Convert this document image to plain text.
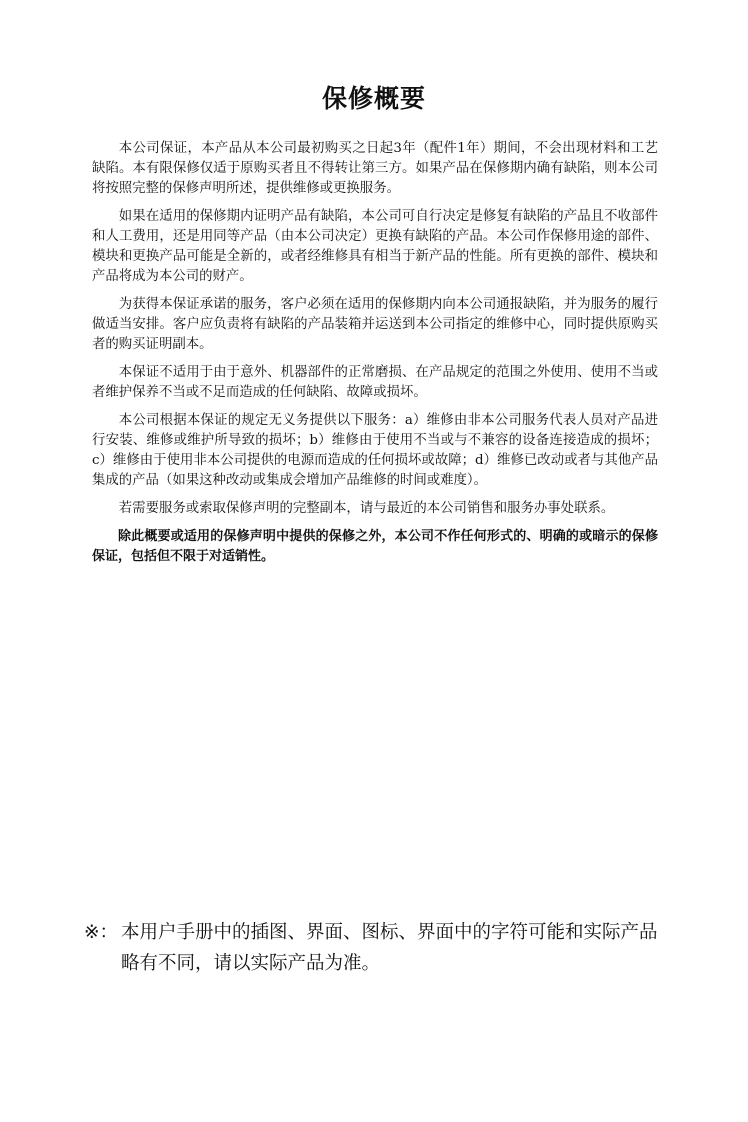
保修概要

本公司保证，本产品从本公司最初购买之日起3年（配件1年）期间，不会出现材料和工艺缺陷。本有限保修仅适于原购买者且不得转让第三方。如果产品在保修期内确有缺陷，则本公司将按照完整的保修声明所述，提供维修或更换服务。

如果在适用的保修期内证明产品有缺陷，本公司可自行决定是修复有缺陷的产品且不收部件和人工费用，还是用同等产品（由本公司决定）更换有缺陷的产品。本公司作保修用途的部件、模块和更换产品可能是全新的，或者经维修具有相当于新产品的性能。所有更换的部件、模块和产品将成为本公司的财产。

为获得本保证承诺的服务，客户必须在适用的保修期内向本公司通报缺陷，并为服务的履行做适当安排。客户应负责将有缺陷的产品装箱并运送到本公司指定的维修中心，同时提供原购买者的购买证明副本。

本保证不适用于由于意外、机器部件的正常磨损、在产品规定的范围之外使用、使用不当或者维护保养不当或不足而造成的任何缺陷、故障或损坏。

本公司根据本保证的规定无义务提供以下服务：a）维修由非本公司服务代表人员对产品进行安装、维修或维护所导致的损坏；b）维修由于使用不当或与不兼容的设备连接造成的损坏；c）维修由于使用非本公司提供的电源而造成的任何损坏或故障；d）维修已改动或者与其他产品集成的产品（如果这种改动或集成会增加产品维修的时间或难度）。

若需要服务或索取保修声明的完整副本，请与最近的本公司销售和服务办事处联系。

除此概要或适用的保修声明中提供的保修之外，本公司不作任何形式的、明确的或暗示的保修保证，包括但不限于对适销性。

※： 本用户手册中的插图、界面、图标、界面中的字符可能和实际产品略有不同，请以实际产品为准。
